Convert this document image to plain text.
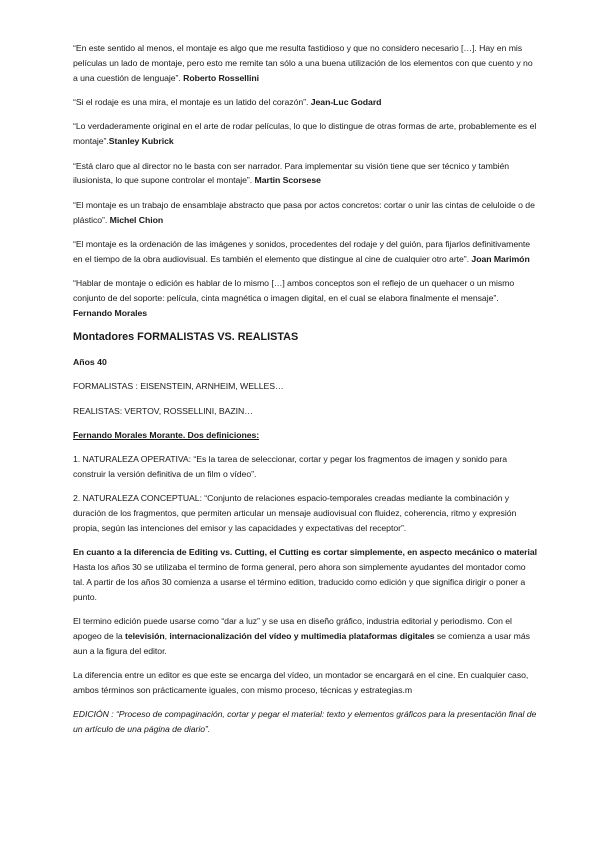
“En este sentido al menos, el montaje es algo que me resulta fastidioso y que no considero necesario […]. Hay en mis películas un lado de montaje, pero esto me remite tan sólo a una buena utilización de los elementos con que cuento y no a una cuestión de lenguaje”. Roberto Rossellini

“Si el rodaje es una mira, el montaje es un latido del corazón”. Jean-Luc Godard

“Lo verdaderamente original en el arte de rodar películas, lo que lo distingue de otras formas de arte, probablemente es el montaje”.Stanley Kubrick

“Está claro que al director no le basta con ser narrador. Para implementar su visión tiene que ser técnico y también ilusionista, lo que supone controlar el montaje”. Martin Scorsese

“El montaje es un trabajo de ensamblaje abstracto que pasa por actos concretos: cortar o unir las cintas de celuloide o de plástico”. Michel Chion

“El montaje es la ordenación de las imágenes y sonidos, procedentes del rodaje y del guión, para fijarlos definitivamente en el tiempo de la obra audiovisual. Es también el elemento que distingue al cine de cualquier otro arte”. Joan Marimón

“Hablar de montaje o edición es hablar de lo mismo […] ambos conceptos son el reflejo de un quehacer o un mismo conjunto de del soporte: película, cinta magnética o imagen digital, en el cual se elabora finalmente el mensaje”. Fernando Morales

Montadores FORMALISTAS VS. REALISTAS
Años 40

FORMALISTAS : EISENSTEIN, ARNHEIM, WELLES…

REALISTAS: VERTOV, ROSSELLINI, BAZIN…

Fernando Morales Morante. Dos definiciones:

1. NATURALEZA OPERATIVA: “Es la tarea de seleccionar, cortar y pegar los fragmentos de imagen y sonido para construir la versión definitiva de un film o vídeo”.

2. NATURALEZA CONCEPTUAL: “Conjunto de relaciones espacio-temporales creadas mediante la combinación y duración de los fragmentos, que permiten articular un mensaje audiovisual con fluidez, coherencia, ritmo y expresión propia, según las intenciones del emisor y las capacidades y expectativas del receptor”.

En cuanto a la diferencia de Editing vs. Cutting, el Cutting es cortar simplemente, en aspecto mecánico o material Hasta los años 30 se utilizaba el termino de forma general, pero ahora son simplemente ayudantes del montador como tal. A partir de los años 30 comienza a usarse el término edition, traducido como edición y que significa dirigir o poner a punto.

El termino edición puede usarse como “dar a luz” y se usa en diseño gráfico, industria editorial y periodismo. Con el apogeo de la televisión, internacionalización del vídeo y multimedia plataformas digitales se comienza a usar más aun a la figura del editor.

La diferencia entre un editor es que este se encarga del vídeo, un montador se encargará en el cine. En cualquier caso, ambos términos son prácticamente iguales, con mismo proceso, técnicas y estrategias.m

EDICIÓN : “Proceso de compaginación, cortar y pegar el material: texto y elementos gráficos para la presentación final de un artículo de una página de diario”.
